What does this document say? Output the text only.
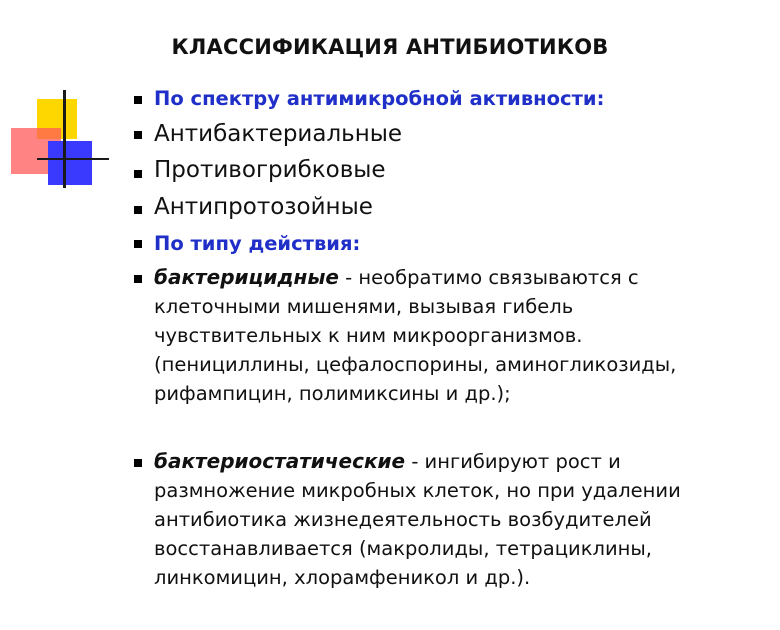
КЛАССИФИКАЦИЯ АНТИБИОТИКОВ
По спектру антимикробной активности:
Антибактериальные
Противогрибковые
Антипротозойные
По типу действия:
бактерицидные - необратимо связываются с
клеточными мишенями, вызывая гибель
чувствительных к ним микроорганизмов.
(пенициллины, цефалоспорины, аминогликозиды,
рифампицин, полимиксины и др.);
бактериостатические - ингибируют рост и
размножение микробных клеток, но при удалении
антибиотика жизнедеятельность возбудителей
восстанавливается (макролиды, тетрациклины,
линкомицин, хлорамфеникол и др.).
